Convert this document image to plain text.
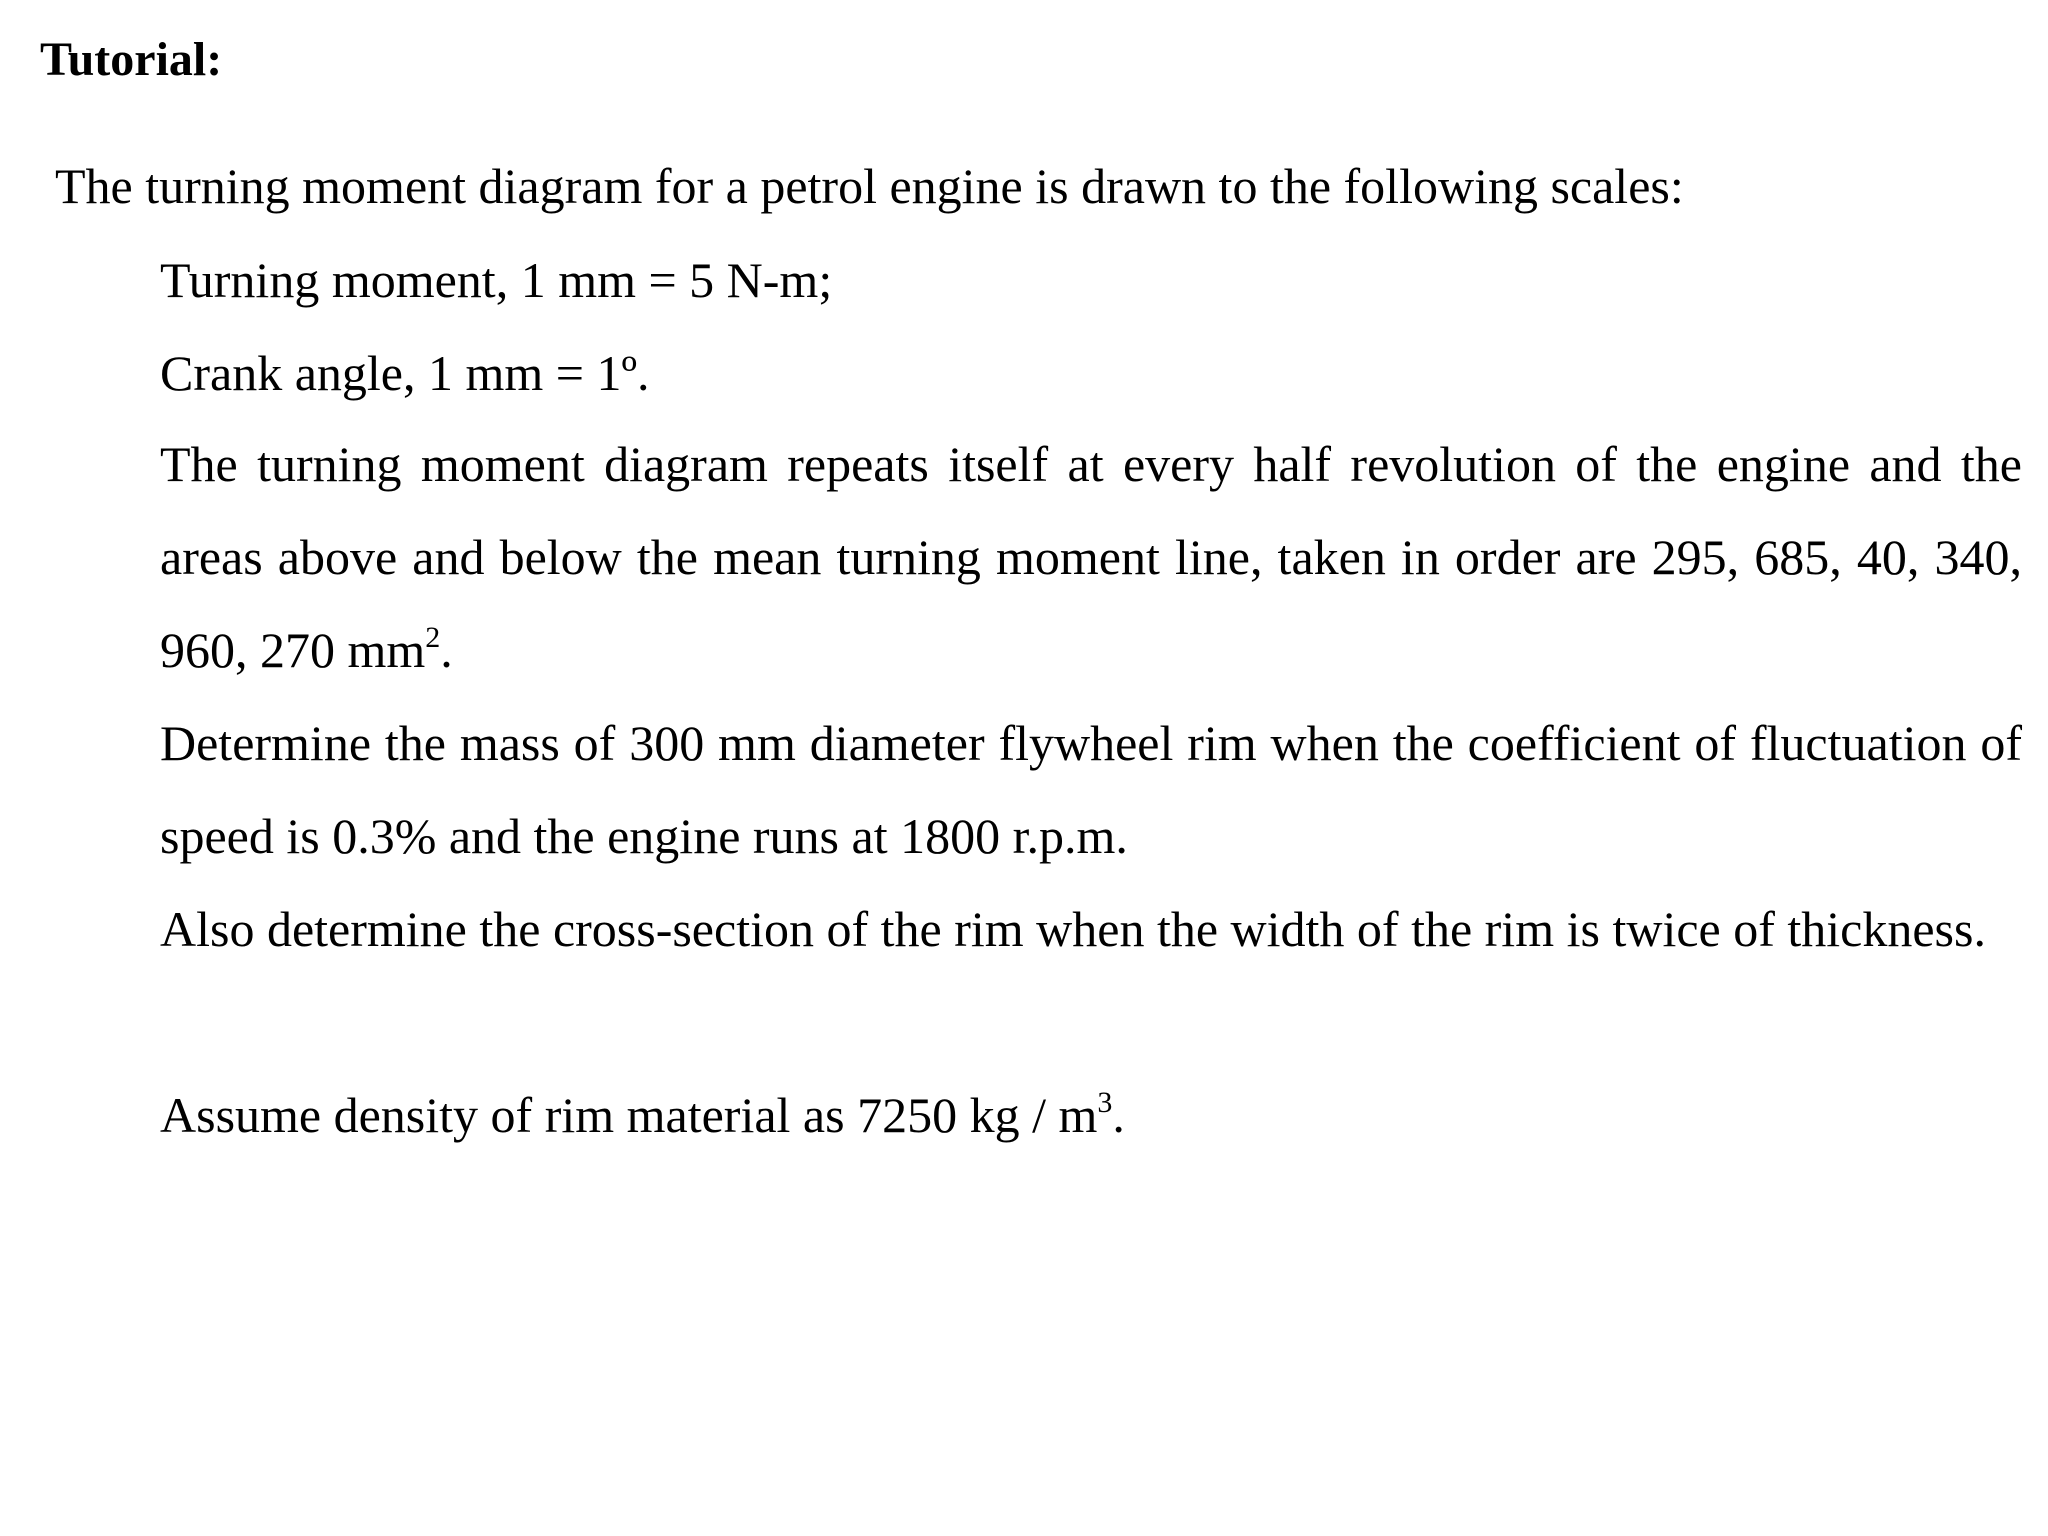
Tutorial:

The turning moment diagram for a petrol engine is drawn to the following scales:

Turning moment, 1 mm = 5 N-m;

Crank angle, 1 mm = 1º.

The turning moment diagram repeats itself at every half revolution of the engine and the areas above and below the mean turning moment line, taken in order are 295, 685, 40, 340, 960, 270 $mm^2$.

Determine the mass of 300 mm diameter flywheel rim when the coefficient of fluctuation of speed is 0.3% and the engine runs at 1800 r.p.m.

Also determine the cross-section of the rim when the width of the rim is twice of thickness.

Assume density of rim material as 7250 kg / $m^3$.
